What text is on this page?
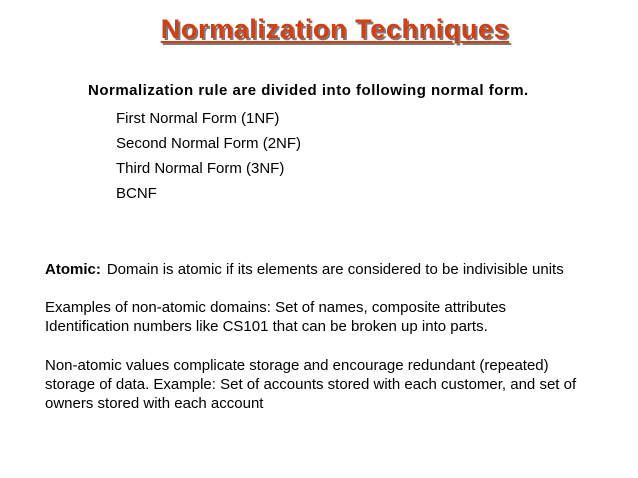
Normalization Techniques
Normalization rule are divided into following normal form.
First Normal Form (1NF)
Second Normal Form (2NF)
Third Normal Form (3NF)
BCNF
Atomic: Domain is atomic if its elements are considered to be indivisible units
Examples of non-atomic domains: Set of names, composite attributes
Identification numbers like CS101 that can be broken up into parts.
Non-atomic values complicate storage and encourage redundant (repeated)
storage of data. Example: Set of accounts stored with each customer, and set of
owners stored with each account
